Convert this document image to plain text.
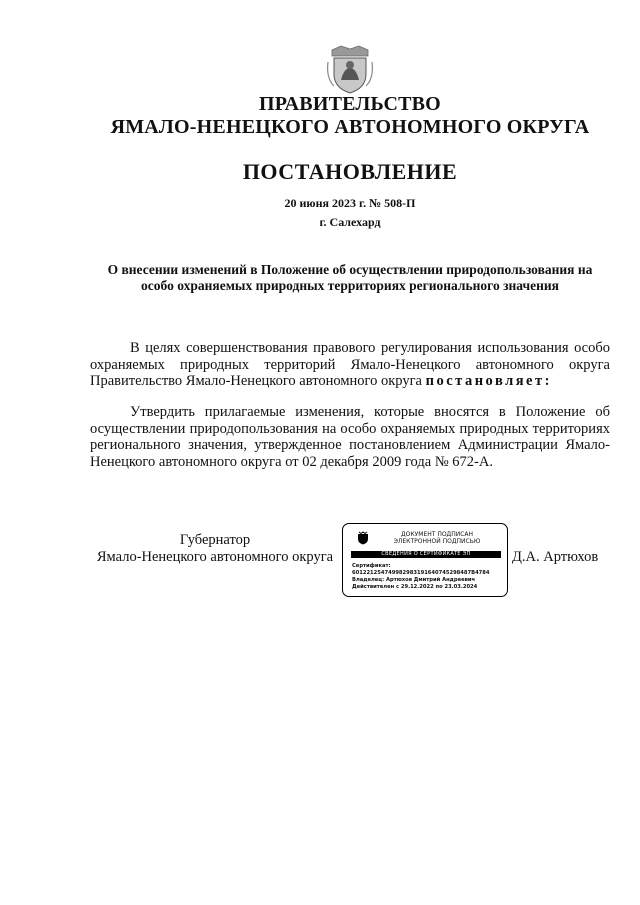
ПРАВИТЕЛЬСТВО
ЯМАЛО-НЕНЕЦКОГО АВТОНОМНОГО ОКРУГА
ПОСТАНОВЛЕНИЕ
20 июня 2023 г. № 508-П
г. Салехард
О внесении изменений в Положение об осуществлении природопользования на особо охраняемых природных территориях регионального значения

В целях совершенствования правового регулирования использования особо охраняемых природных территорий Ямало-Ненецкого автономного округа Правительство Ямало-Ненецкого автономного округа постановляет:

Утвердить прилагаемые изменения, которые вносятся в Положение об осуществлении природопользования на особо охраняемых природных территориях регионального значения, утвержденное постановлением Администрации Ямало-Ненецкого автономного округа от 02 декабря 2009 года № 672-А.

Губернатор
Ямало-Ненецкого автономного округа
ДОКУМЕНТ ПОДПИСАН
ЭЛЕКТРОННОЙ ПОДПИСЬЮ
СВЕДЕНИЯ О СЕРТИФИКАТЕ ЭП
Сертификат:
601221254749982983191640745298487B4784
Владелец: Артюхов Дмитрий Андреевич
Действителен с 29.12.2022 по 23.03.2024
Д.А. Артюхов
